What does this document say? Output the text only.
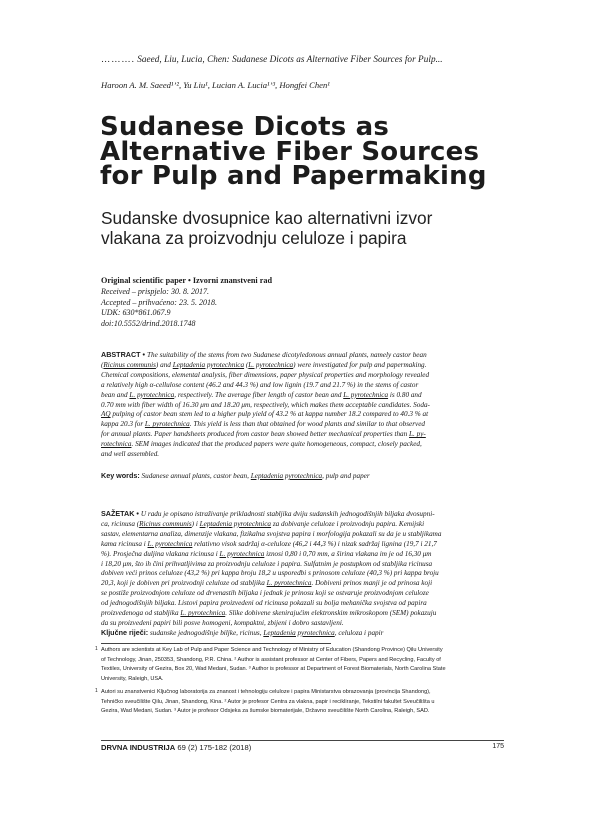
………. Saeed, Liu, Lucia, Chen: Sudanese Dicots as Alternative Fiber Sources for Pulp...
Haroon A. M. Saeed¹ʼ², Yu Liu¹, Lucian A. Lucia¹ʼ³, Hongfei Chen¹
Sudanese Dicots as
Alternative Fiber Sources
for Pulp and Papermaking
Sudanske dvosupnice kao alternativni izvor
vlakana za proizvodnju celuloze i papira
Original scientific paper • Izvorni znanstveni rad
Received – prispjelo: 30. 8. 2017.
Accepted – prihvaćeno: 23. 5. 2018.
UDK: 630*861.067.9
doi:10.5552/drind.2018.1748
ABSTRACT • The suitability of the stems from two Sudanese dicotyledonous annual plants, namely castor bean
(Ricinus communis) and Leptadenia pyrotechnica (L. pyrotechnica) were investigated for pulp and papermaking.
Chemical compositions, elemental analysis, fiber dimensions, paper physical properties and morphology revealed
a relatively high α-cellulose content (46.2 and 44.3 %) and low lignin (19.7 and 21.7 %) in the stems of castor
bean and L. pyrotechnica, respectively. The average fiber length of castor bean and L. pyrotechnica is 0.80 and
0.70 mm with fiber width of 16.30 μm and 18.20 μm, respectively, which makes them acceptable candidates. Soda-
AQ pulping of castor bean stem led to a higher pulp yield of 43.2 % at kappa number 18.2 compared to 40.3 % at
kappa 20.3 for L. pyrotechnica. This yield is less than that obtained for wood plants and similar to that observed
for annual plants. Paper handsheets produced from castor bean showed better mechanical properties than L. py-
rotechnica. SEM images indicated that the produced papers were quite homogeneous, compact, closely packed,
and well assembled.
Key words: Sudanese annual plants, castor bean, Leptadenia pyrotechnica, pulp and paper
SAŽETAK • U radu je opisano istraživanje prikladnosti stabljika dviju sudanskih jednogodišnjih biljaka dvosupni-
ca, ricinusa (Ricinus communis) i Leptadenia pyrotechnica za dobivanje celuloze i proizvodnju papira. Kemijski
sastav, elementarna analiza, dimenzije vlakana, fizikalna svojstva papira i morfologija pokazali su da je u stabljikama
kama ricinusa i L. pyrotechnica relativno visok sadržaj α-celuloze (46,2 i 44,3 %) i nizak sadržaj lignina (19,7 i 21,7
%). Prosječna duljina vlakana ricinusa i L. pyrotechnica iznosi 0,80 i 0,70 mm, a širina vlakana im je od 16,30 μm
i 18,20 μm, što ih čini prihvatljivima za proizvodnju celuloze i papira. Sulfatnim je postupkom od stabljika ricinusa
dobiven veći prinos celuloze (43,2 %) pri kappa broju 18,2 u usporedbi s prinosom celuloze (40,3 %) pri kappa broju
20,3, koji je dobiven pri proizvodnji celuloze od stabljika L. pyrotechnica. Dobiveni prinos manji je od prinosa koji
se postiže proizvodnjom celuloze od drvenastih biljaka i jednak je prinosu koji se ostvaruje proizvodnjom celuloze
od jednogodišnjih biljaka. Listovi papira proizvedeni od ricinusa pokazali su bolja mehanička svojstva od papira
proizvedenoga od stabljika L. pyrotechnica. Slike dobivene skenirajućim elektronskim mikroskopom (SEM) pokazuju
da su proizvedeni papiri bili posve homogeni, kompaktni, zbijeni i dobro sastavljeni.
Ključne riječi: sudanske jednogodišnje biljke, ricinus, Leptadenia pyrotechnica, celuloza i papir
1 Authors are scientists at Key Lab of Pulp and Paper Science and Technology of Ministry of Education (Shandong Province) Qilu University
of Technology, Jinan, 250353, Shandong, P.R. China. ² Author is assistant professor at Center of Fibers, Papers and Recycling, Faculty of
Textiles, University of Gezira, Box 20, Wad Medani, Sudan. ³ Author is professor at Department of Forest Biomaterials, North Carolina State
University, Raleigh, USA.
1 Autori su znanstvenici Ključnog laboratorija za znanost i tehnologiju celuloze i papira Ministarstva obrazovanja (provincija Shandong),
Tehničko sveučilište Qilu, Jinan, Shandong, Kina. ² Autor je profesor Centra za vlakna, papir i recikliranje, Tekstilni fakultet Sveučilišta u
Gezira, Wad Medani, Sudan. ³ Autor je profesor Odsjeka za šumske biomaterijale, Državno sveučilište North Carolina, Raleigh, SAD.
DRVNA INDUSTRIJA 69 (2) 175-182 (2018)	175
